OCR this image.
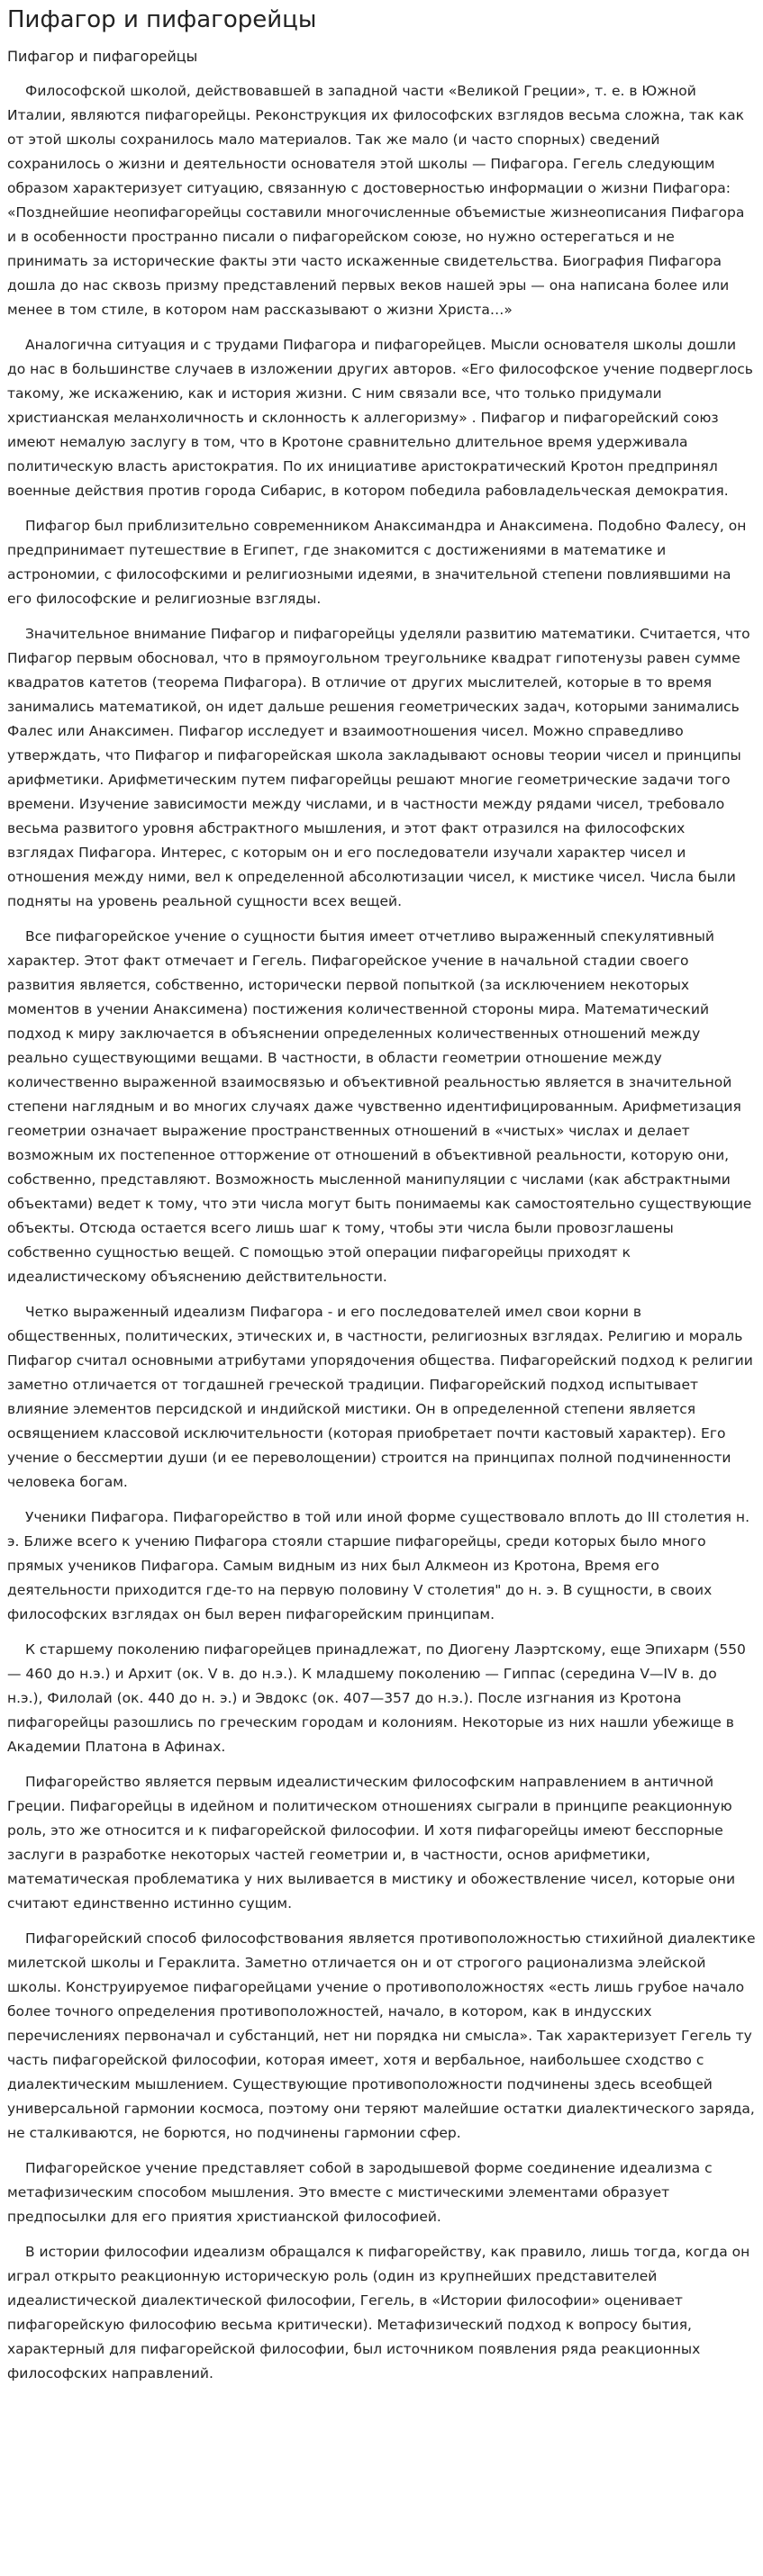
Пифагор и пифагорейцы
Пифагор и пифагорейцы

Философской школой, действовавшей в западной части «Великой Греции», т. е. в Южной Италии, являются пифагорейцы. Реконструкция их философских взглядов весьма сложна, так как от этой школы сохранилось мало материалов. Так же мало (и часто спорных) сведений сохранилось о жизни и деятельности основателя этой школы — Пифагора. Гегель следующим образом характеризует ситуацию, связанную с достоверностью информации о жизни Пифагора: «Позднейшие неопифагорейцы составили многочисленные объемистые жизнеописания Пифагора и в особенности пространно писали о пифагорейском союзе, но нужно остерегаться и не принимать за исторические факты эти часто искаженные свидетельства. Биография Пифагора дошла до нас сквозь призму представлений первых веков нашей эры — она написана более или менее в том стиле, в котором нам рассказывают о жизни Христа…»

Аналогична ситуация и с трудами Пифагора и пифагорейцев. Мысли основателя школы дошли до нас в большинстве случаев в изложении других авторов. «Его философское учение подверглось такому, же искажению, как и история жизни. С ним связали все, что только придумали христианская меланхоличность и склонность к аллегоризму» . Пифагор и пифагорейский союз имеют немалую заслугу в том, что в Кротоне сравнительно длительное время удерживала политическую власть аристократия. По их инициативе аристократический Кротон предпринял военные действия против города Сибарис, в котором победила рабовладельческая демократия.

Пифагор был приблизительно современником Анаксимандра и Анаксимена. Подобно Фалесу, он предпринимает путешествие в Египет, где знакомится с достижениями в математике и астрономии, с философскими и религиозными идеями, в значительной степени повлиявшими на его философские и религиозные взгляды.

Значительное внимание Пифагор и пифагорейцы уделяли развитию математики. Считается, что Пифагор первым обосновал, что в прямоугольном треугольнике квадрат гипотенузы равен сумме квадратов катетов (теорема Пифагора). В отличие от других мыслителей, которые в то время занимались математикой, он идет дальше решения геометрических задач, которыми занимались Фалес или Анаксимен. Пифагор исследует и взаимоотношения чисел. Можно справедливо утверждать, что Пифагор и пифагорейская школа закладывают основы теории чисел и принципы арифметики. Арифметическим путем пифагорейцы решают многие геометрические задачи того времени. Изучение зависимости между числами, и в частности между рядами чисел, требовало весьма развитого уровня абстрактного мышления, и этот факт отразился на философских взглядах Пифагора. Интерес, с которым он и его последователи изучали характер чисел и отношения между ними, вел к определенной абсолютизации чисел, к мистике чисел. Числа были подняты на уровень реальной сущности всех вещей.

Все пифагорейское учение о сущности бытия имеет отчетливо выраженный спекулятивный характер. Этот факт отмечает и Гегель. Пифагорейское учение в начальной стадии своего развития является, собственно, исторически первой попыткой (за исключением некоторых моментов в учении Анаксимена) постижения количественной стороны мира. Математический подход к миру заключается в объяснении определенных количественных отношений между реально существующими вещами. В частности, в области геометрии отношение между количественно выраженной взаимосвязью и объективной реальностью является в значительной степени наглядным и во многих случаях даже чувственно идентифицированным. Арифметизация геометрии означает выражение пространственных отношений в «чистых» числах и делает возможным их постепенное отторжение от отношений в объективной реальности, которую они, собственно, представляют. Возможность мысленной манипуляции с числами (как абстрактными объектами) ведет к тому, что эти числа могут быть понимаемы как самостоятельно существующие объекты. Отсюда остается всего лишь шаг к тому, чтобы эти числа были провозглашены собственно сущностью вещей. С помощью этой операции пифагорейцы приходят к идеалистическому объяснению действительности.

Четко выраженный идеализм Пифагора - и его последователей имел свои корни в общественных, политических, этических и, в частности, религиозных взглядах. Религию и мораль Пифагор считал основными атрибутами упорядочения общества. Пифагорейский подход к религии заметно отличается от тогдашней греческой традиции. Пифагорейский подход испытывает влияние элементов персидской и индийской мистики. Он в определенной степени является освящением классовой исключительности (которая приобретает почти кастовый характер). Его учение о бессмертии души (и ее переволощении) строится на принципах полной подчиненности человека богам.

Ученики Пифагора. Пифагорейство в той или иной форме существовало вплоть до III столетия н. э. Ближе всего к учению Пифагора стояли старшие пифагорейцы, среди которых было много прямых учеников Пифагора. Самым видным из них был Алкмеон из Кротона, Время его деятельности приходится где-то на первую половину V столетия" до н. э. В сущности, в своих философских взглядах он был верен пифагорейским принципам.

К старшему поколению пифагорейцев принадлежат, по Диогену Лаэртскому, еще Эпихарм (550— 460 до н.э.) и Архит (ок. V в. до н.э.). К младшему поколению — Гиппас (середина V—IV в. до н.э.), Филолай (ок. 440 до н. э.) и Эвдокс (ок. 407—357 до н.э.). После изгнания из Кротона пифагорейцы разошлись по греческим городам и колониям. Некоторые из них нашли убежище в Академии Платона в Афинах.

Пифагорейство является первым идеалистическим философским направлением в античной Греции. Пифагорейцы в идейном и политическом отношениях сыграли в принципе реакционную роль, это же относится и к пифагорейской философии. И хотя пифагорейцы имеют бесспорные заслуги в разработке некоторых частей геометрии и, в частности, основ арифметики, математическая проблематика у них выливается в мистику и обожествление чисел, которые они считают единственно истинно сущим.

Пифагорейский способ философствования является противоположностью стихийной диалектике милетской школы и Гераклита. Заметно отличается он и от строгого рационализма элейской школы. Конструируемое пифагорейцами учение о противоположностях «есть лишь грубое начало более точного определения противоположностей, начало, в котором, как в индусских перечислениях первоначал и субстанций, нет ни порядка ни смысла». Так характеризует Гегель ту часть пифагорейской философии, которая имеет, хотя и вербальное, наибольшее сходство с диалектическим мышлением. Существующие противоположности подчинены здесь всеобщей универсальной гармонии космоса, поэтому они теряют малейшие остатки диалектического заряда, не сталкиваются, не борются, но подчинены гармонии сфер.

Пифагорейское учение представляет собой в зародышевой форме соединение идеализма с метафизическим способом мышления. Это вместе с мистическими элементами образует предпосылки для его приятия христианской философией.

В истории философии идеализм обращался к пифагорейству, как правило, лишь тогда, когда он играл открыто реакционную историческую роль (один из крупнейших представителей идеалистической диалектической философии, Гегель, в «Истории философии» оценивает пифагорейскую философию весьма критически). Метафизический подход к вопросу бытия, характерный для пифагорейской философии, был источником появления ряда реакционных философских направлений.
